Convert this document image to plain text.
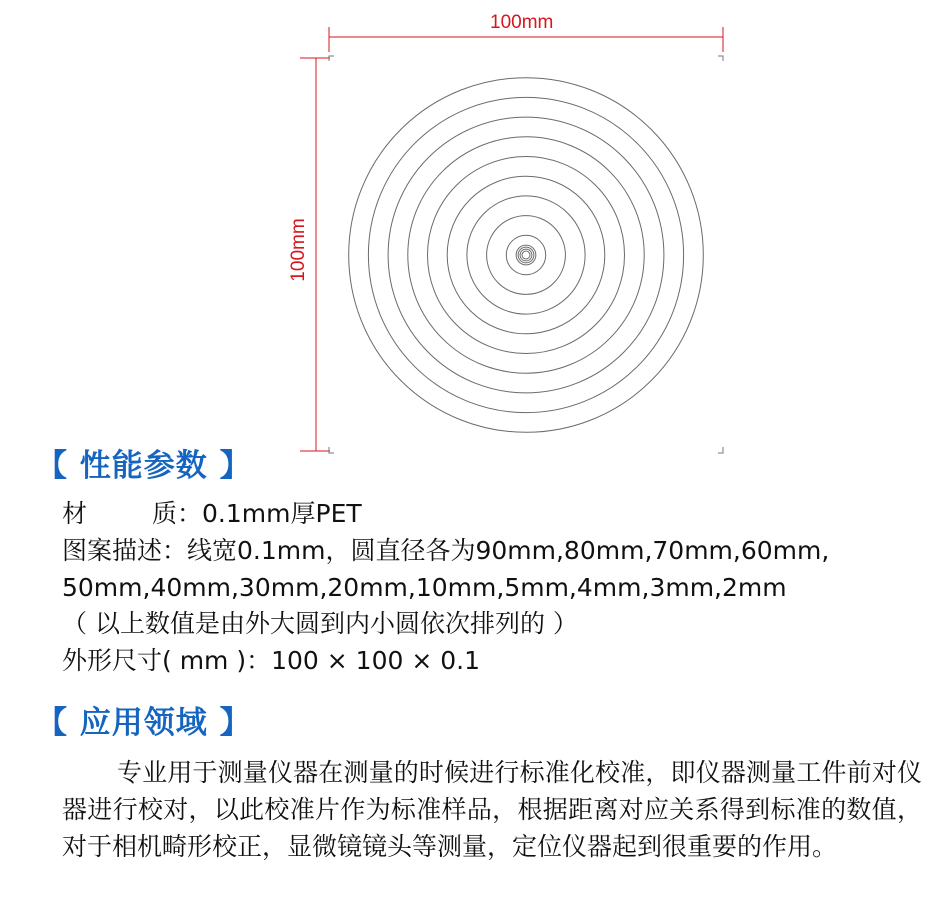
100mm
100mm
【 性能参数 】
材	质：0.1mm厚PET
图案描述：线宽0.1mm，圆直径各为90mm,80mm,70mm,60mm,
50mm,40mm,30mm,20mm,10mm,5mm,4mm,3mm,2mm
（ 以上数值是由外大圆到内小圆依次排列的 ）
外形尺寸( mm )：100 × 100 × 0.1
【 应用领域 】
专业用于测量仪器在测量的时候进行标准化校准，即仪器测量工件前对仪器进行校对，以此校准片作为标准样品，根据距离对应关系得到标准的数值，对于相机畸形校正，显微镜镜头等测量，定位仪器起到很重要的作用。
